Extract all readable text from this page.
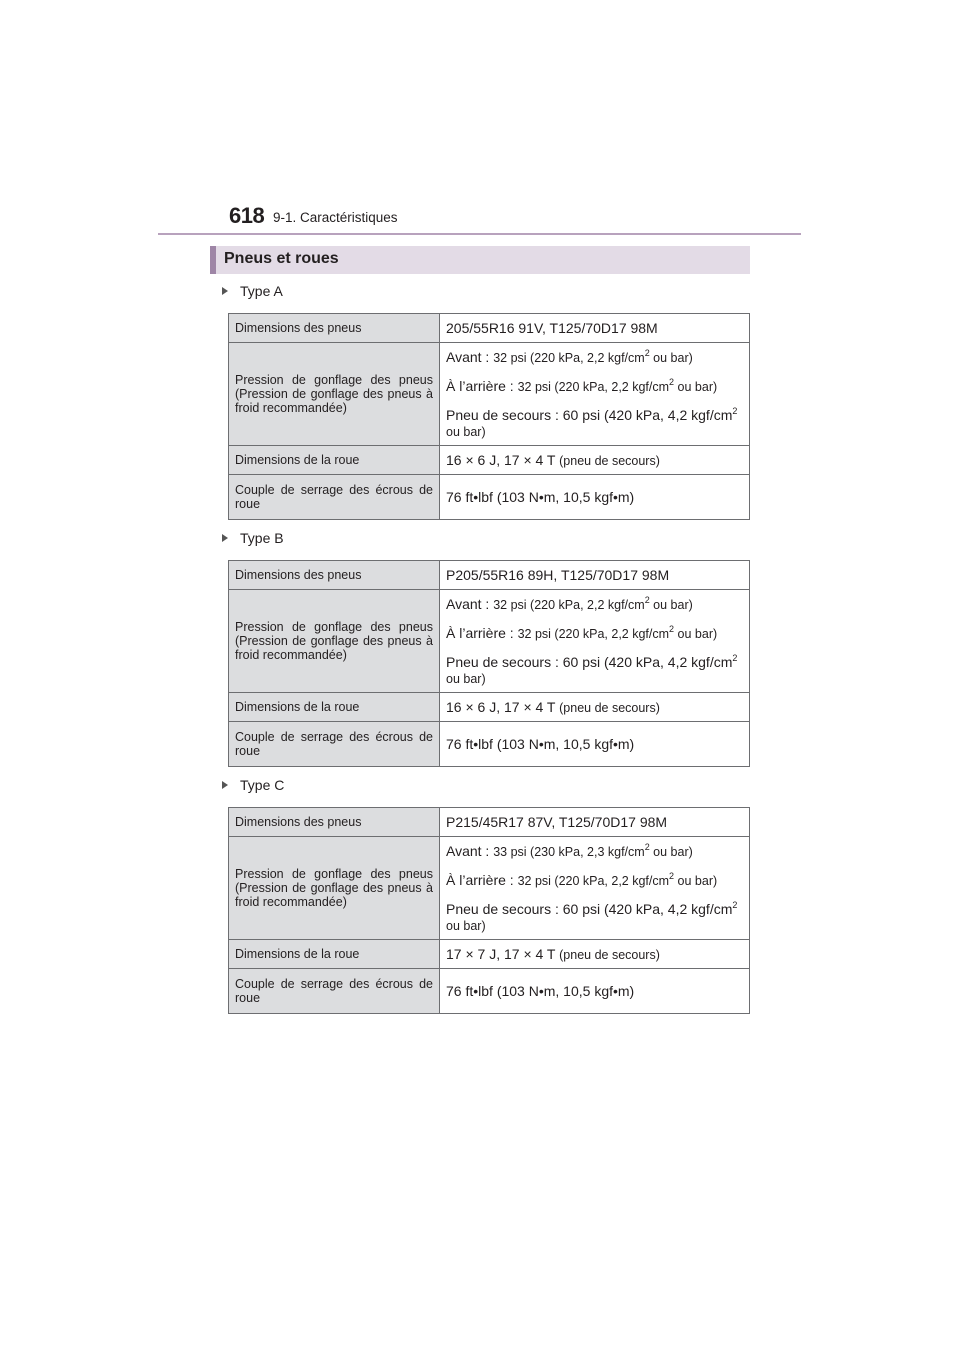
618 9-1. Caractéristiques
Pneus et roues
Type A
Dimensions des pneus	205/55R16 91V, T125/70D17 98M
Pression de gonflage des pneus (Pression de gonflage des pneus à froid recommandée)	Avant : 32 psi (220 kPa, 2,2 kgf/$cm^2$ ou bar)
À l’arrière : 32 psi (220 kPa, 2,2 kgf/$cm^2$ ou bar)
Pneu de secours : 60 psi (420 kPa, 4,2 kgf/$cm^2$
ou bar)

Dimensions de la roue	16 × 6 J, 17 × 4 T (pneu de secours)
Couple de serrage des écrous de roue	76 ft•lbf (103 N•m, 10,5 kgf•m)
Type B
Dimensions des pneus	P205/55R16 89H, T125/70D17 98M
Pression de gonflage des pneus (Pression de gonflage des pneus à froid recommandée)	Avant : 32 psi (220 kPa, 2,2 kgf/$cm^2$ ou bar)
À l’arrière : 32 psi (220 kPa, 2,2 kgf/$cm^2$ ou bar)
Pneu de secours : 60 psi (420 kPa, 4,2 kgf/$cm^2$
ou bar)

Dimensions de la roue	16 × 6 J, 17 × 4 T (pneu de secours)
Couple de serrage des écrous de roue	76 ft•lbf (103 N•m, 10,5 kgf•m)
Type C
Dimensions des pneus	P215/45R17 87V, T125/70D17 98M
Pression de gonflage des pneus (Pression de gonflage des pneus à froid recommandée)	Avant : 33 psi (230 kPa, 2,3 kgf/$cm^2$ ou bar)
À l’arrière : 32 psi (220 kPa, 2,2 kgf/$cm^2$ ou bar)
Pneu de secours : 60 psi (420 kPa, 4,2 kgf/$cm^2$
ou bar)

Dimensions de la roue	17 × 7 J, 17 × 4 T (pneu de secours)
Couple de serrage des écrous de roue	76 ft•lbf (103 N•m, 10,5 kgf•m)
